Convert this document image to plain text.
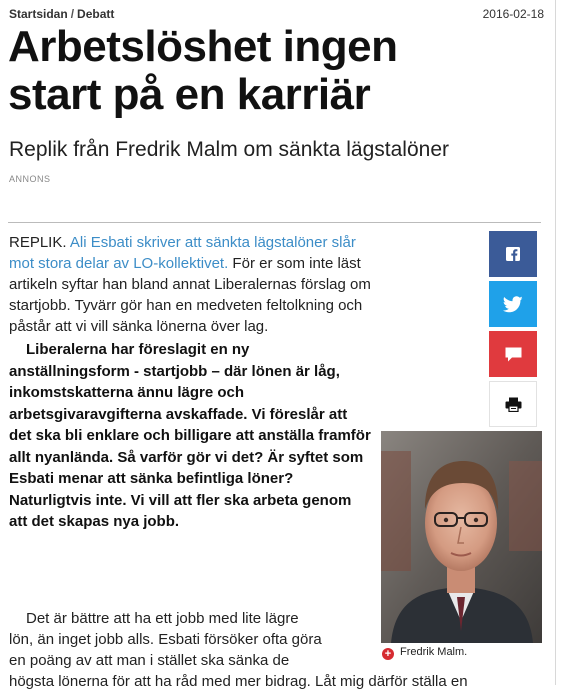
Startsidan / Debatt	2016-02-18
Arbetslöshet ingen
start på en karriär
Replik från Fredrik Malm om sänkta lägstalöner
ANNONS

REPLIK. Ali Esbati skriver att sänkta lägstalöner slår mot stora delar av LO-kollektivet. För er som inte läst artikeln syftar han bland annat Liberalernas förslag om startjobb. Tyvärr gör han en medveten feltolkning och påstår att vi vill sänka lönerna över lag.

Liberalerna har föreslagit en ny anställningsform - startjobb – där lönen är låg, inkomstskatterna ännu lägre och arbetsgivaravgifterna avskaffade. Vi föreslår att det ska bli enklare och billigare att anställa framför allt nyanlända. Så varför gör vi det? Är syftet som Esbati menar att sänka befintliga löner? Naturligtvis inte. Vi vill att fler ska arbeta genom att det skapas nya jobb.

Det är bättre att ha ett jobb med lite lägre
lön, än inget jobb alls. Esbati försöker ofta göra
en poäng av att man i stället ska sänka de
högsta lönerna för att ha råd med mer bidrag. Låt mig därför ställa en

+ Fredrik Malm.
